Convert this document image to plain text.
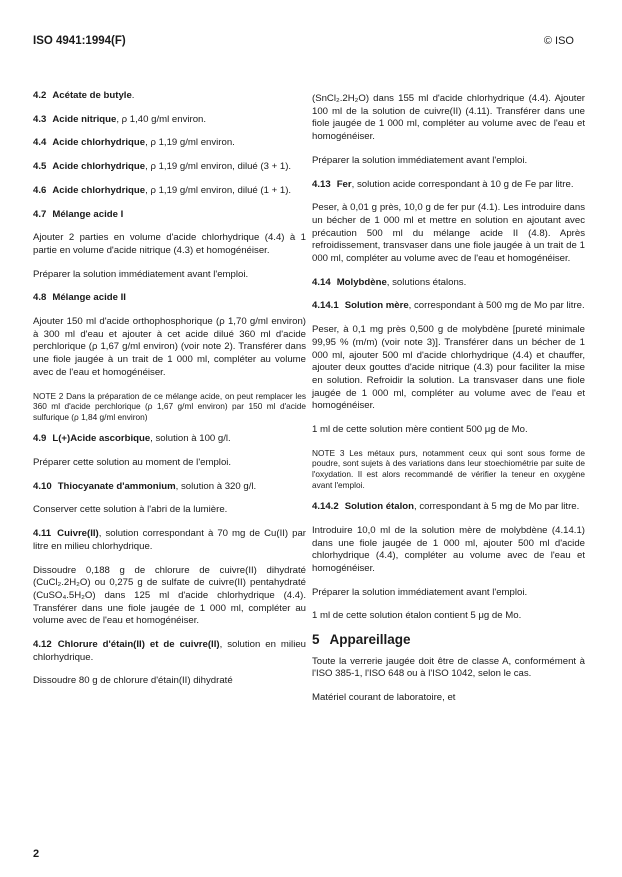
ISO 4941:1994(F)	© ISO
4.2 Acétate de butyle.
4.3 Acide nitrique, ρ 1,40 g/ml environ.
4.4 Acide chlorhydrique, ρ 1,19 g/ml environ.
4.5 Acide chlorhydrique, ρ 1,19 g/ml environ, dilué (3 + 1).
4.6 Acide chlorhydrique, ρ 1,19 g/ml environ, dilué (1 + 1).
4.7 Mélange acide I
Ajouter 2 parties en volume d'acide chlorhydrique (4.4) à 1 partie en volume d'acide nitrique (4.3) et homogénéiser.
Préparer la solution immédiatement avant l'emploi.
4.8 Mélange acide II
Ajouter 150 ml d'acide orthophosphorique (ρ 1,70 g/ml environ) à 300 ml d'eau et ajouter à cet acide dilué 360 ml d'acide perchlorique (ρ 1,67 g/ml environ) (voir note 2). Transférer dans une fiole jaugée à un trait de 1 000 ml, compléter au volume avec de l'eau et homogénéiser.
NOTE 2 Dans la préparation de ce mélange acide, on peut remplacer les 360 ml d'acide perchlorique (ρ 1,67 g/ml environ) par 150 ml d'acide sulfurique (ρ 1,84 g/ml environ)
4.9 L(+)Acide ascorbique, solution à 100 g/l.
Préparer cette solution au moment de l'emploi.
4.10 Thiocyanate d'ammonium, solution à 320 g/l.
Conserver cette solution à l'abri de la lumière.
4.11 Cuivre(II), solution correspondant à 70 mg de Cu(II) par litre en milieu chlorhydrique.
Dissoudre 0,188 g de chlorure de cuivre(II) dihydraté (CuCl₂.2H₂O) ou 0,275 g de sulfate de cuivre(II) pentahydraté (CuSO₄.5H₂O) dans 125 ml d'acide chlorhydrique (4.4). Transférer dans une fiole jaugée de 1 000 ml, compléter au volume avec de l'eau et homogénéiser.
4.12 Chlorure d'étain(II) et de cuivre(II), solution en milieu chlorhydrique.
Dissoudre 80 g de chlorure d'étain(II) dihydraté
(SnCl₂.2H₂O) dans 155 ml d'acide chlorhydrique (4.4). Ajouter 100 ml de la solution de cuivre(II) (4.11). Transférer dans une fiole jaugée de 1 000 ml, compléter au volume avec de l'eau et homogénéiser.
Préparer la solution immédiatement avant l'emploi.
4.13 Fer, solution acide correspondant à 10 g de Fe par litre.
Peser, à 0,01 g près, 10,0 g de fer pur (4.1). Les introduire dans un bécher de 1 000 ml et mettre en solution en ajoutant avec précaution 500 ml du mélange acide II (4.8). Après refroidissement, transvaser dans une fiole jaugée à un trait de 1 000 ml, compléter au volume avec de l'eau et homogénéiser.
4.14 Molybdène, solutions étalons.
4.14.1 Solution mère, correspondant à 500 mg de Mo par litre.
Peser, à 0,1 mg près 0,500 g de molybdène [pureté minimale 99,95 % (m/m) (voir note 3)]. Transférer dans un bécher de 1 000 ml, ajouter 500 ml d'acide chlorhydrique (4.4) et chauffer, ajouter deux gouttes d'acide nitrique (4.3) pour faciliter la mise en solution. Refroidir la solution. La transvaser dans une fiole jaugée de 1 000 ml, compléter au volume avec de l'eau et homogénéiser.
1 ml de cette solution mère contient 500 μg de Mo.
NOTE 3 Les métaux purs, notamment ceux qui sont sous forme de poudre, sont sujets à des variations dans leur stoechiométrie par suite de l'oxydation. Il est alors recommandé de vérifier la teneur en oxygène avant l'emploi.
4.14.2 Solution étalon, correspondant à 5 mg de Mo par litre.
Introduire 10,0 ml de la solution mère de molybdène (4.14.1) dans une fiole jaugée de 1 000 ml, ajouter 500 ml d'acide chlorhydrique (4.4), compléter au volume avec de l'eau et homogénéiser.
Préparer la solution immédiatement avant l'emploi.
1 ml de cette solution étalon contient 5 μg de Mo.
5 Appareillage
Toute la verrerie jaugée doit être de classe A, conformément à l'ISO 385-1, l'ISO 648 ou à l'ISO 1042, selon le cas.
Matériel courant de laboratoire, et
2
